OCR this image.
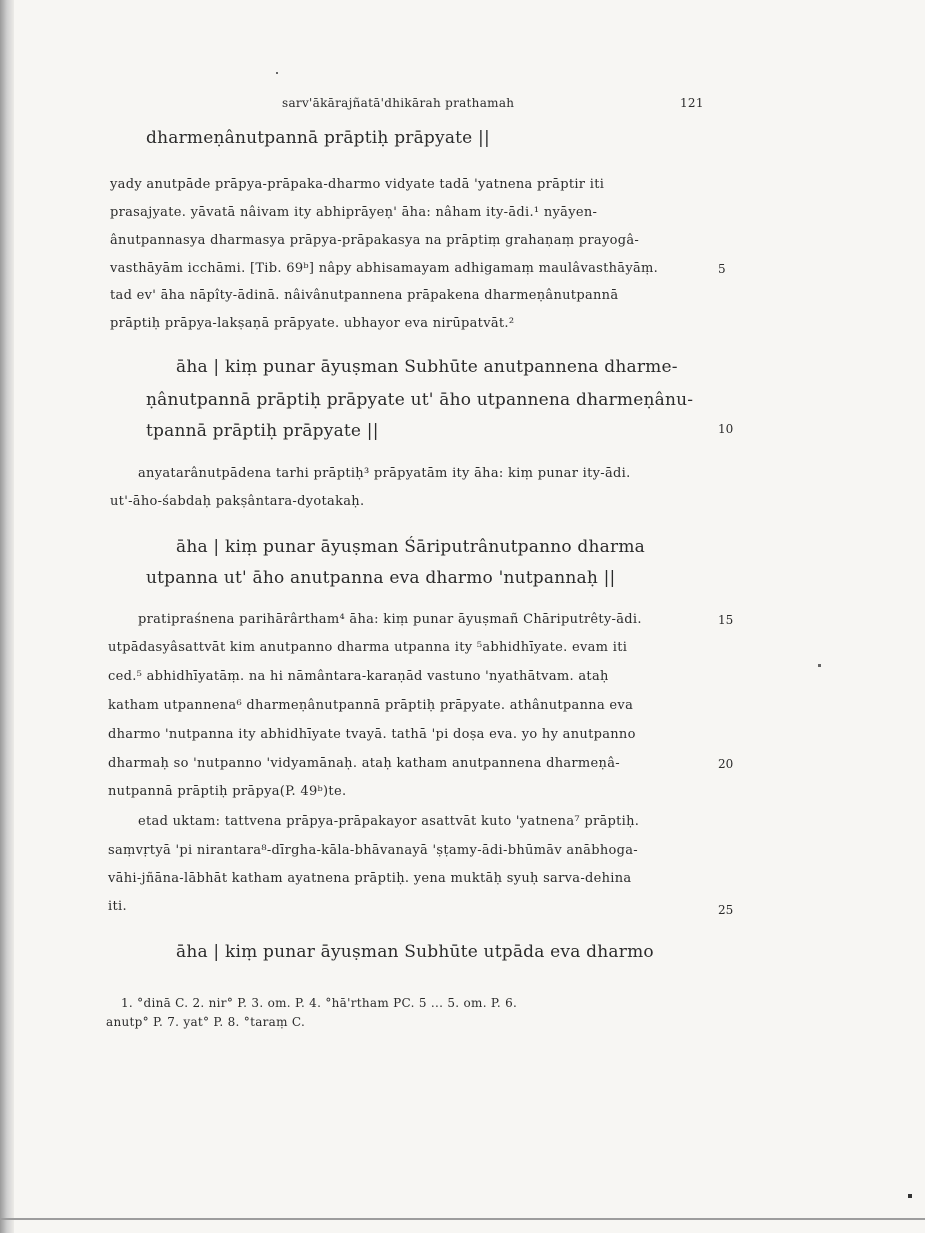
sarv'ākārajñatā'dhikārah prathamah	121
dharmeṇânutpannā prāptiḥ prāpyate ||
yady anutpāde prāpya-prāpaka-dharmo vidyate tadā 'yatnena prāptir iti
prasajyate. yāvatā nâivam ity abhiprāyeṇ' āha: nâham ity-ādi.¹ nyāyen-
ânutpannasya dharmasya prāpya-prāpakasya na prāptiṃ grahaṇaṃ prayogâ-
vasthāyām icchāmi. [Tib. 69ᵇ] nâpy abhisamayam adhigamaṃ maulâvasthāyāṃ.
tad ev' āha nāpîty-ādinā. nâivânutpannena prāpakena dharmeṇânutpannā
prāptiḥ prāpya-lakṣaṇā prāpyate. ubhayor eva nirūpatvāt.²
āha | kiṃ punar āyuṣman Subhūte anutpannena dharme-
ṇânutpannā prāptiḥ prāpyate ut' āho utpannena dharmeṇânu-
tpannā prāptiḥ prāpyate ||
anyatarânutpādena tarhi prāptiḥ³ prāpyatām ity āha: kiṃ punar ity-ādi.
ut'-āho-śabdaḥ pakṣântara-dyotakaḥ.
āha | kiṃ punar āyuṣman Śāriputrânutpanno dharma
utpanna ut' āho anutpanna eva dharmo 'nutpannaḥ ||
pratipraśnena parihārârtham⁴ āha: kiṃ punar āyuṣmañ Chāriputrêty-ādi.
utpādasyâsattvāt kim anutpanno dharma utpanna ity ⁵abhidhīyate. evam iti
ced.⁵ abhidhīyatāṃ. na hi nāmântara-karaṇād vastuno 'nyathātvam. ataḥ
katham utpannena⁶ dharmeṇânutpannā prāptiḥ prāpyate. athânutpanna eva
dharmo 'nutpanna ity abhidhīyate tvayā. tathā 'pi doṣa eva. yo hy anutpanno
dharmaḥ so 'nutpanno 'vidyamānaḥ. ataḥ katham anutpannena dharmeṇâ-
nutpannā prāptiḥ prāpya(P. 49ᵇ)te.
etad uktam: tattvena prāpya-prāpakayor asattvāt kuto 'yatnena⁷ prāptiḥ.
saṃvṛtyā 'pi nirantara⁸-dīrgha-kāla-bhāvanayā 'ṣṭamy-ādi-bhūmāv anābhoga-
vāhi-jñāna-lābhāt katham ayatnena prāptiḥ. yena muktāḥ syuḥ sarva-dehina
iti.
āha | kiṃ punar āyuṣman Subhūte utpāda eva dharmo
5
10
15
20
25
1. °dinā C. 2. nir° P. 3. om. P. 4. °hā'rtham PC. 5 ... 5. om. P. 6.
anutp° P. 7. yat° P. 8. °taraṃ C.
